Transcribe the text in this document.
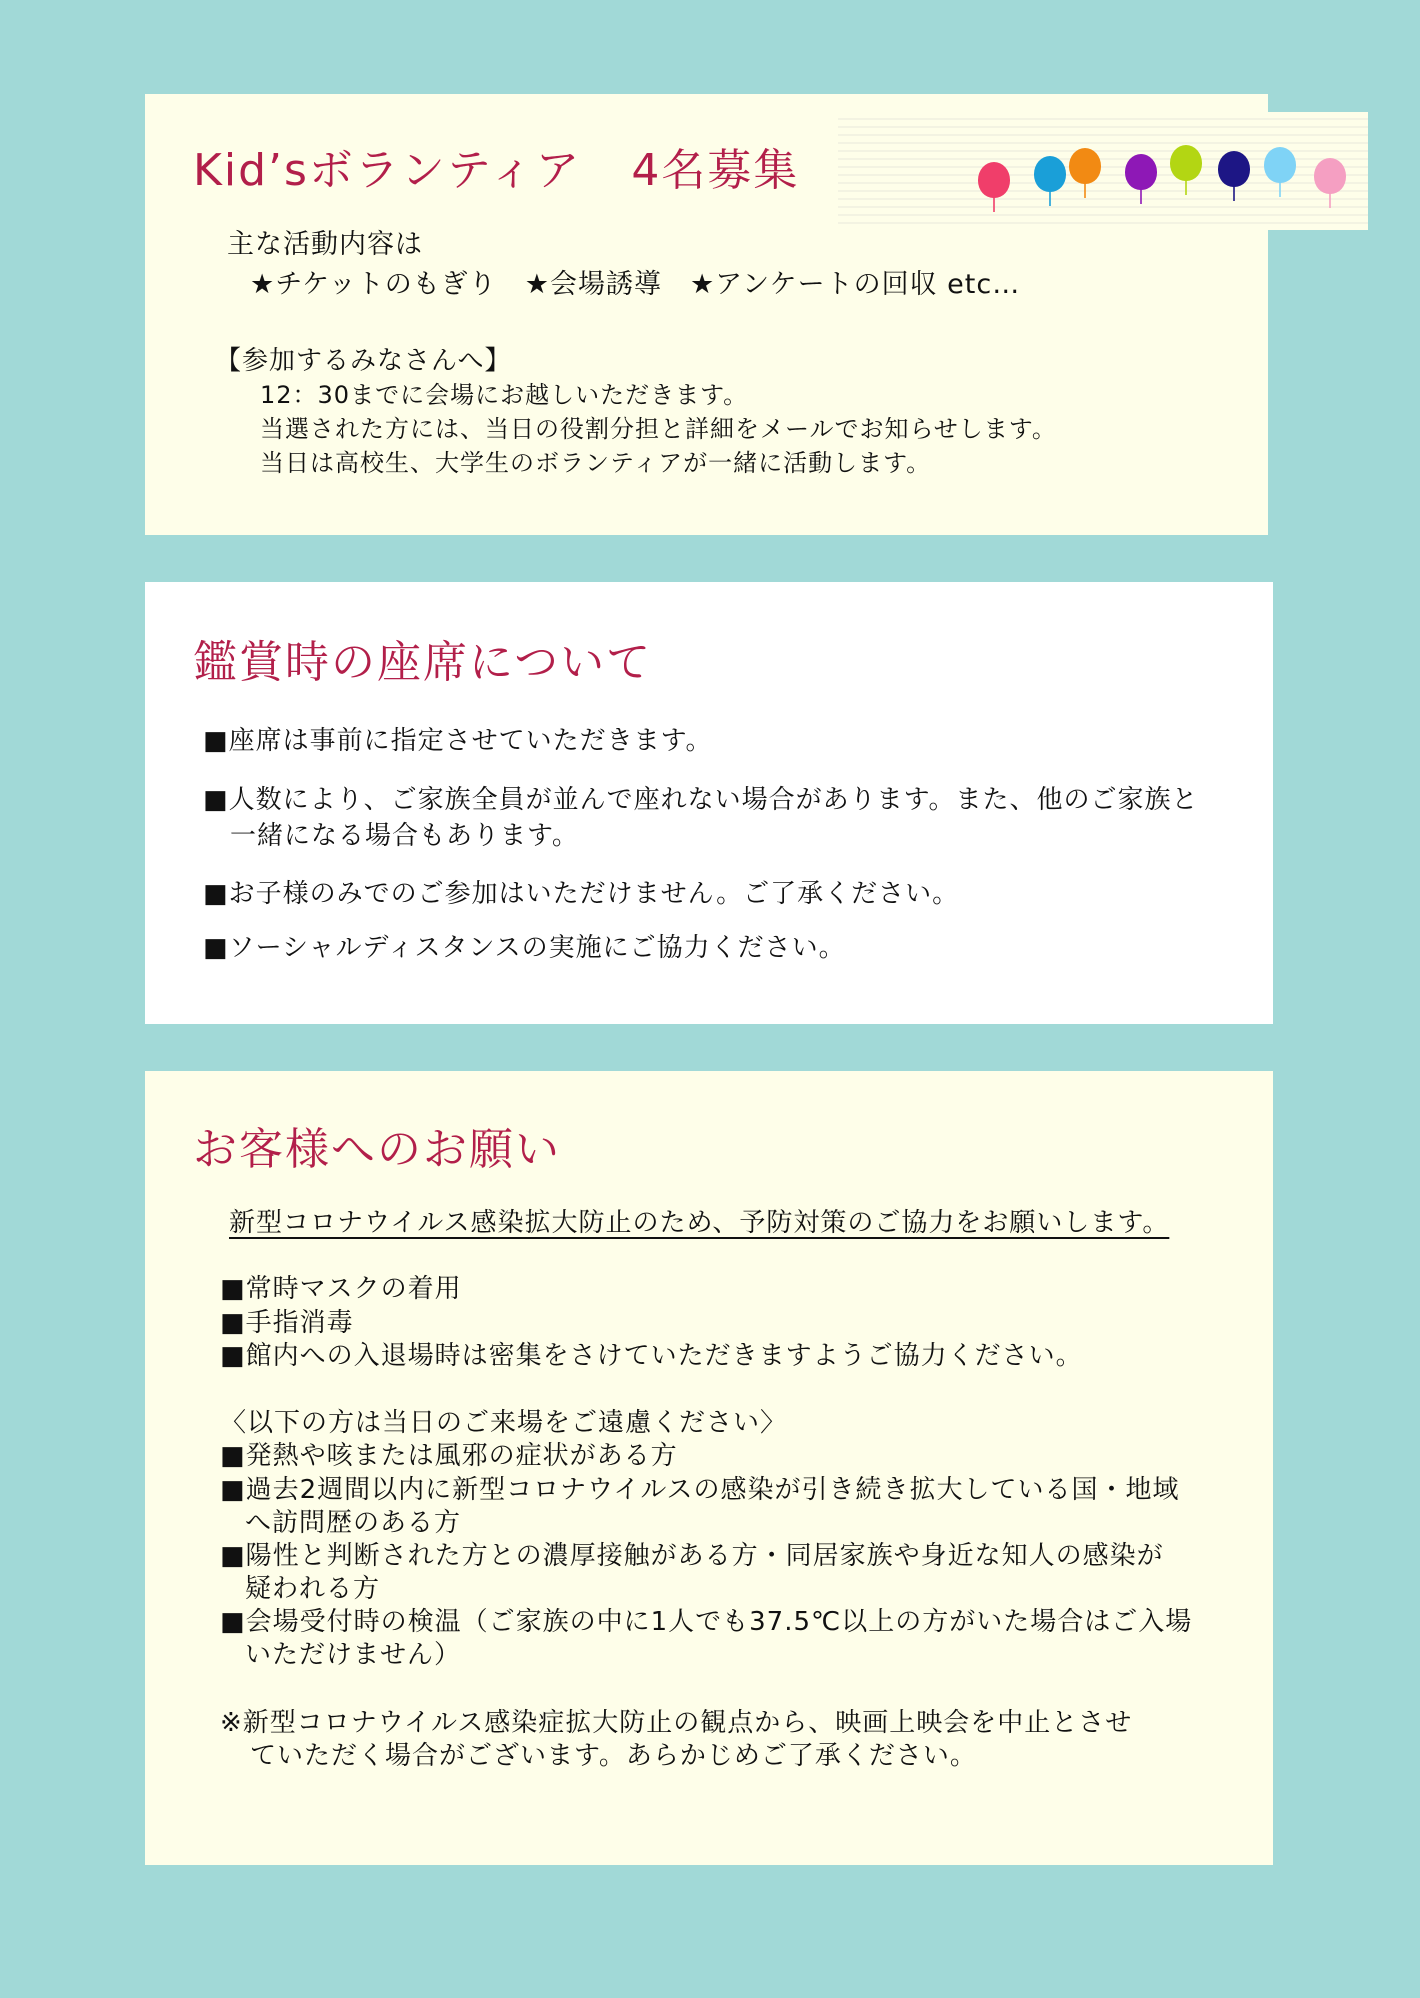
Kid’sボランティア 4名募集
主な活動内容は
★チケットのもぎり　★会場誘導　★アンケートの回収 etc…
【参加するみなさんへ】
12：30までに会場にお越しいただきます。
当選された方には、当日の役割分担と詳細をメールでお知らせします。
当日は高校生、大学生のボランティアが一緒に活動します。
鑑賞時の座席について
■座席は事前に指定させていただきます。
■人数により、ご家族全員が並んで座れない場合があります。また、他のご家族と
一緒になる場合もあります。
■お子様のみでのご参加はいただけません。ご了承ください。
■ソーシャルディスタンスの実施にご協力ください。
お客様へのお願い
新型コロナウイルス感染拡大防止のため、予防対策のご協力をお願いします。
■常時マスクの着用
■手指消毒
■館内への入退場時は密集をさけていただきますようご協力ください。
〈以下の方は当日のご来場をご遠慮ください〉
■発熱や咳または風邪の症状がある方
■過去2週間以内に新型コロナウイルスの感染が引き続き拡大している国・地域
へ訪問歴のある方
■陽性と判断された方との濃厚接触がある方・同居家族や身近な知人の感染が
疑われる方
■会場受付時の検温（ご家族の中に1人でも37.5℃以上の方がいた場合はご入場
いただけません）
※新型コロナウイルス感染症拡大防止の観点から、映画上映会を中止とさせ
ていただく場合がございます。あらかじめご了承ください。
